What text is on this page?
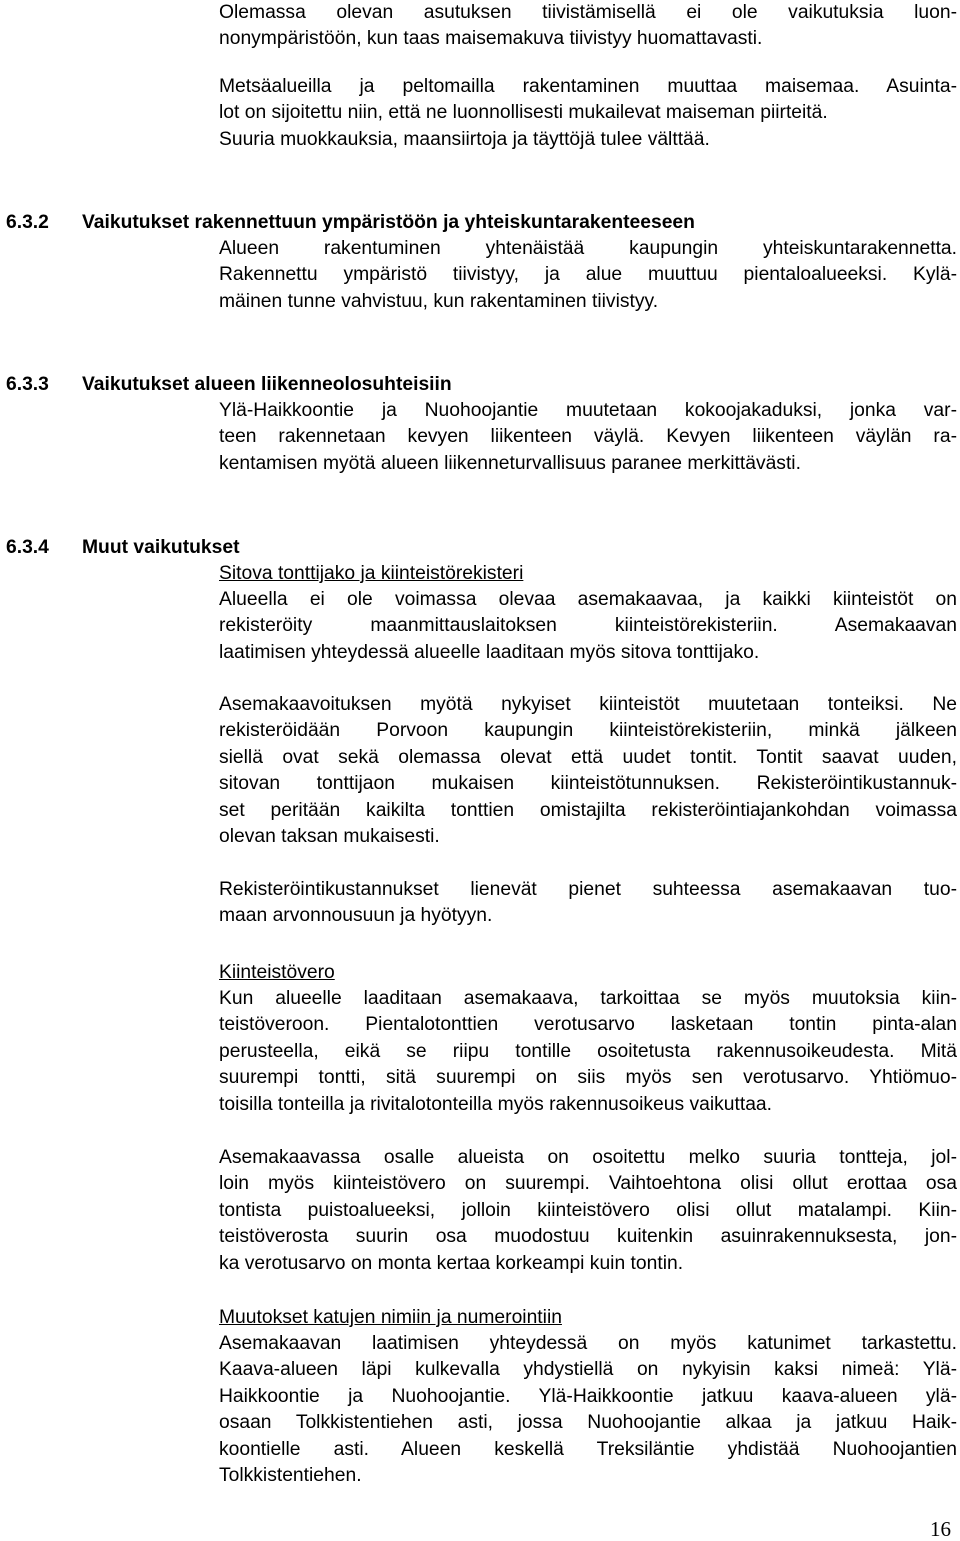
Olemassa olevan asutuksen tiivistämisellä ei ole vaikutuksia luon-
nonympäristöön, kun taas maisemakuva tiivistyy huomattavasti.
Metsäalueilla ja peltomailla rakentaminen muuttaa maisemaa. Asuinta-
lot on sijoitettu niin, että ne luonnollisesti mukailevat maiseman piirteitä.
Suuria muokkauksia, maansiirtoja ja täyttöjä tulee välttää.
6.3.2 Vaikutukset rakennettuun ympäristöön ja yhteiskuntarakenteeseen
Alueen rakentuminen yhtenäistää kaupungin yhteiskuntarakennetta.
Rakennettu ympäristö tiivistyy, ja alue muuttuu pientaloalueeksi. Kylä-
mäinen tunne vahvistuu, kun rakentaminen tiivistyy.
6.3.3 Vaikutukset alueen liikenneolosuhteisiin
Ylä-Haikkoontie ja Nuohoojantie muutetaan kokoojakaduksi, jonka var-
teen rakennetaan kevyen liikenteen väylä. Kevyen liikenteen väylän ra-
kentamisen myötä alueen liikenneturvallisuus paranee merkittävästi.
6.3.4 Muut vaikutukset
Sitova tonttijako ja kiinteistörekisteri
Alueella ei ole voimassa olevaa asemakaavaa, ja kaikki kiinteistöt on
rekisteröity maanmittauslaitoksen kiinteistörekisteriin. Asemakaavan
laatimisen yhteydessä alueelle laaditaan myös sitova tonttijako.
Asemakaavoituksen myötä nykyiset kiinteistöt muutetaan tonteiksi. Ne
rekisteröidään Porvoon kaupungin kiinteistörekisteriin, minkä jälkeen
siellä ovat sekä olemassa olevat että uudet tontit. Tontit saavat uuden,
sitovan tonttijaon mukaisen kiinteistötunnuksen. Rekisteröintikustannuk-
set peritään kaikilta tonttien omistajilta rekisteröintiajankohdan voimassa
olevan taksan mukaisesti.
Rekisteröintikustannukset lienevät pienet suhteessa asemakaavan tuo-
maan arvonnousuun ja hyötyyn.
Kiinteistövero
Kun alueelle laaditaan asemakaava, tarkoittaa se myös muutoksia kiin-
teistöveroon. Pientalotonttien verotusarvo lasketaan tontin pinta-alan
perusteella, eikä se riipu tontille osoitetusta rakennusoikeudesta. Mitä
suurempi tontti, sitä suurempi on siis myös sen verotusarvo. Yhtiömuo-
toisilla tonteilla ja rivitalotonteilla myös rakennusoikeus vaikuttaa.
Asemakaavassa osalle alueista on osoitettu melko suuria tontteja, jol-
loin myös kiinteistövero on suurempi. Vaihtoehtona olisi ollut erottaa osa
tontista puistoalueeksi, jolloin kiinteistövero olisi ollut matalampi. Kiin-
teistöverosta suurin osa muodostuu kuitenkin asuinrakennuksesta, jon-
ka verotusarvo on monta kertaa korkeampi kuin tontin.
Muutokset katujen nimiin ja numerointiin
Asemakaavan laatimisen yhteydessä on myös katunimet tarkastettu.
Kaava-alueen läpi kulkevalla yhdystiellä on nykyisin kaksi nimeä: Ylä-
Haikkoontie ja Nuohoojantie. Ylä-Haikkoontie jatkuu kaava-alueen ylä-
osaan Tolkkistentiehen asti, jossa Nuohoojantie alkaa ja jatkuu Haik-
koontielle asti. Alueen keskellä Treksiläntie yhdistää Nuohoojantien
Tolkkistentiehen.
16
